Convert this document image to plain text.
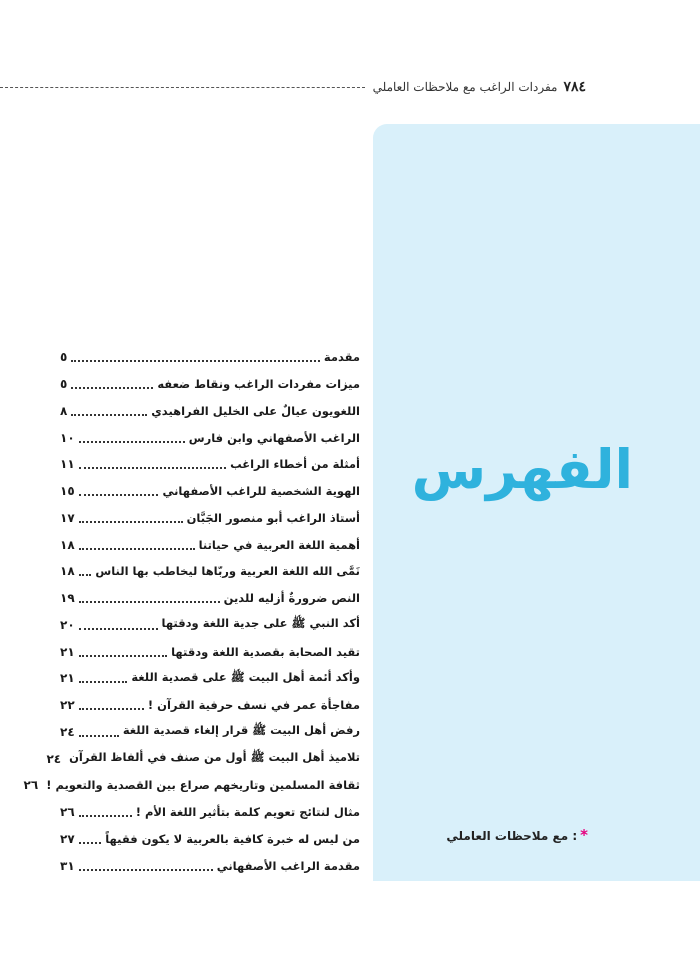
٧٨٤
مفردات الراغب مع ملاحظات العاملي
الفهرس
*: مع ملاحظات العاملي
مقدمة
٥
ميزات مفردات الراغب ونقاط ضعفه
٥
اللغويون عيالٌ على الخليل الفراهيدي
٨
الراغب الأصفهاني وابن فارس
١٠
أمثلة من أخطاء الراغب
١١
الهوية الشخصية للراغب الأصفهاني
١٥
أستاذ الراغب أبو منصور الجَبَّان
١٧
أهمية اللغة العربية في حياتنا
١٨
نَمَّى الله اللغة العربية وربّاها ليخاطب بها الناس
١٨
النص ضرورةٌ أزليه للدين
١٩
أكد النبي ﷺ على جدية اللغة ودقتها
٢٠
تقيد الصحابة بقصدية اللغة ودقتها
٢١
وأكد أئمة أهل البيت ﷺ على قصدية اللغة
٢١
مفاجأة عمر في نسف حرفية القرآن !
٢٢
رفض أهل البيت ﷺ قرار إلغاء قصدية اللغة
٢٤
تلاميذ أهل البيت ﷺ أول من صنف في ألفاظ القرآن
٢٤
ثقافة المسلمين وتاريخهم صراع بين القصدية والتعويم !
٢٦
مثال لنتائج تعويم كلمة بتأثير اللغة الأم !
٢٦
من ليس له خبرة كافية بالعربية لا يكون فقيهاً
٢٧
مقدمة الراغب الأصفهاني
٣١
